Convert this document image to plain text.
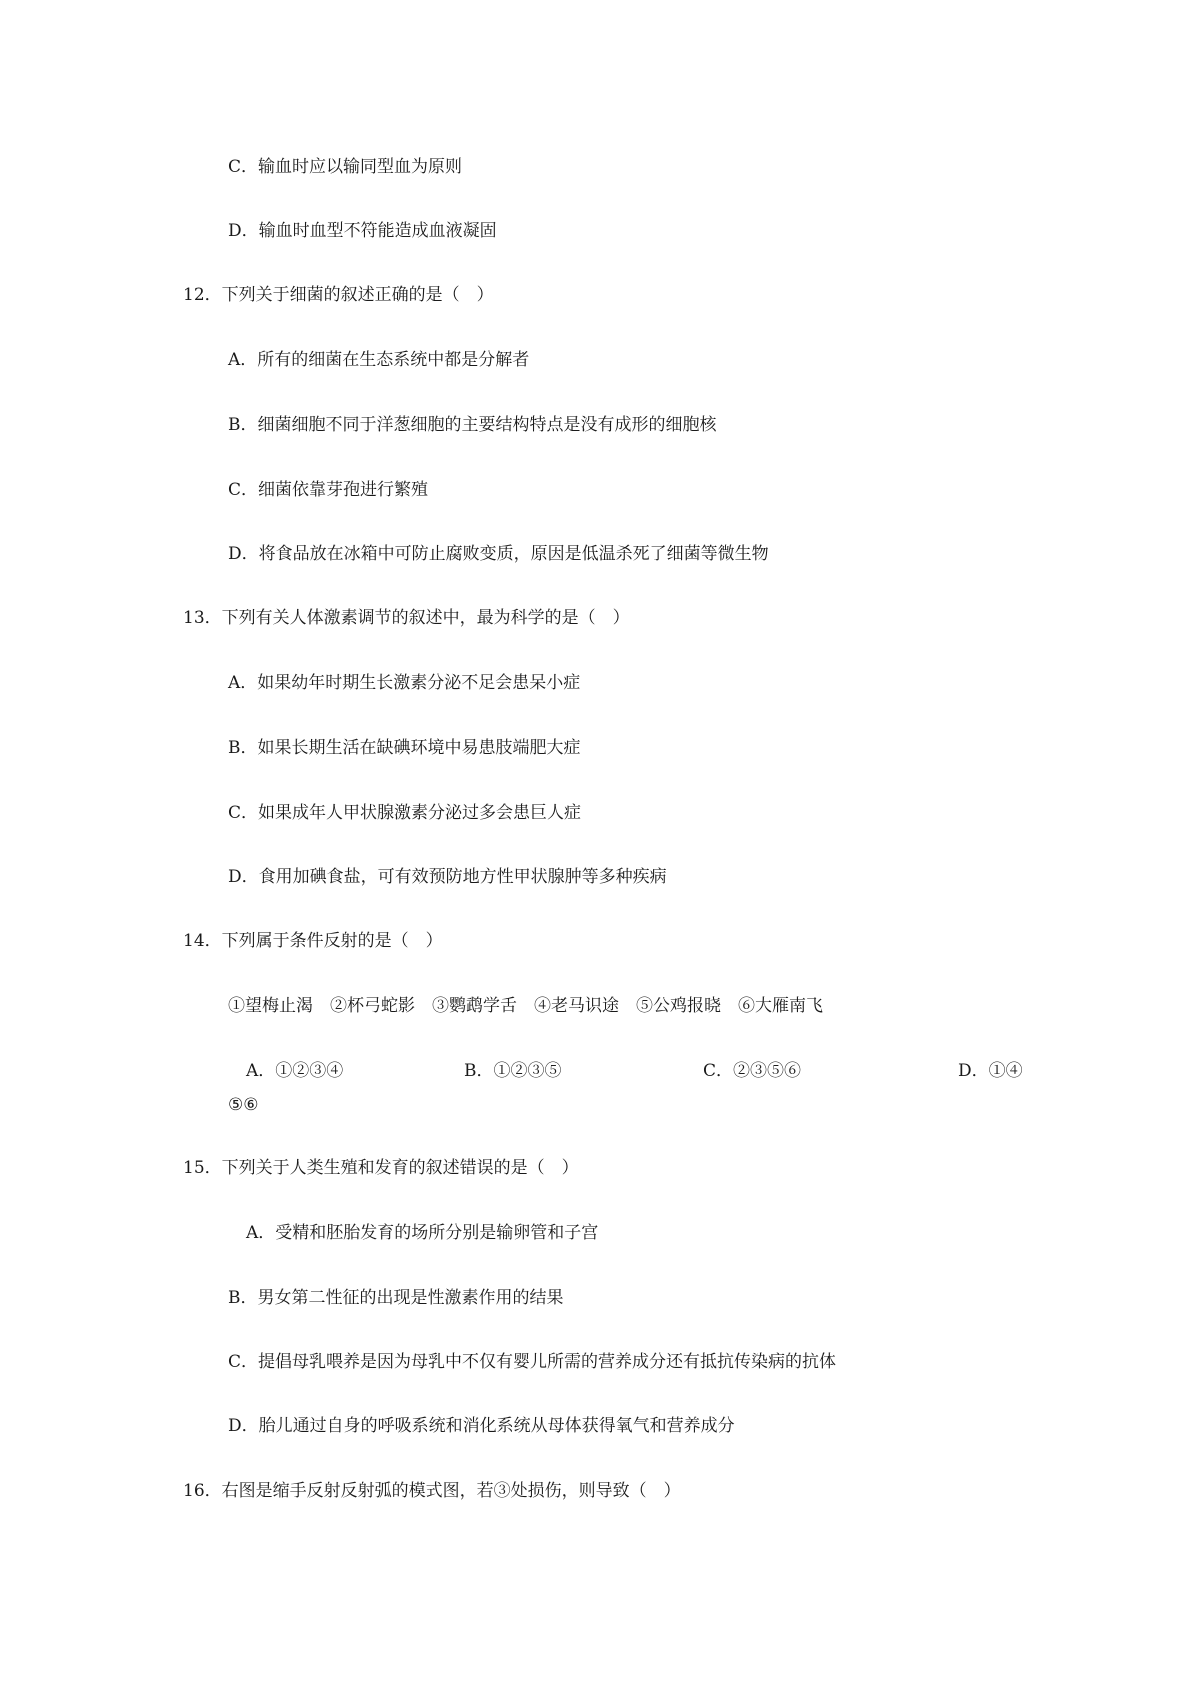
C．输血时应以输同型血为原则
D．输血时血型不符能造成血液凝固
12．下列关于细菌的叙述正确的是（　）
A．所有的细菌在生态系统中都是分解者
B．细菌细胞不同于洋葱细胞的主要结构特点是没有成形的细胞核
C．细菌依靠芽孢进行繁殖
D．将食品放在冰箱中可防止腐败变质，原因是低温杀死了细菌等微生物
13．下列有关人体激素调节的叙述中，最为科学的是（　）
A．如果幼年时期生长激素分泌不足会患呆小症
B．如果长期生活在缺碘环境中易患肢端肥大症
C．如果成年人甲状腺激素分泌过多会患巨人症
D．食用加碘食盐，可有效预防地方性甲状腺肿等多种疾病
14．下列属于条件反射的是（　）
①望梅止渴　②杯弓蛇影　③鹦鹉学舌　④老马识途　⑤公鸡报晓　⑥大雁南飞
A．①②③④	B．①②③⑤	C．②③⑤⑥	D．①④
⑤⑥
15．下列关于人类生殖和发育的叙述错误的是（　）
A．受精和胚胎发育的场所分别是输卵管和子宫
B．男女第二性征的出现是性激素作用的结果
C．提倡母乳喂养是因为母乳中不仅有婴儿所需的营养成分还有抵抗传染病的抗体
D．胎儿通过自身的呼吸系统和消化系统从母体获得氧气和营养成分
16．右图是缩手反射反射弧的模式图，若③处损伤，则导致（　）
